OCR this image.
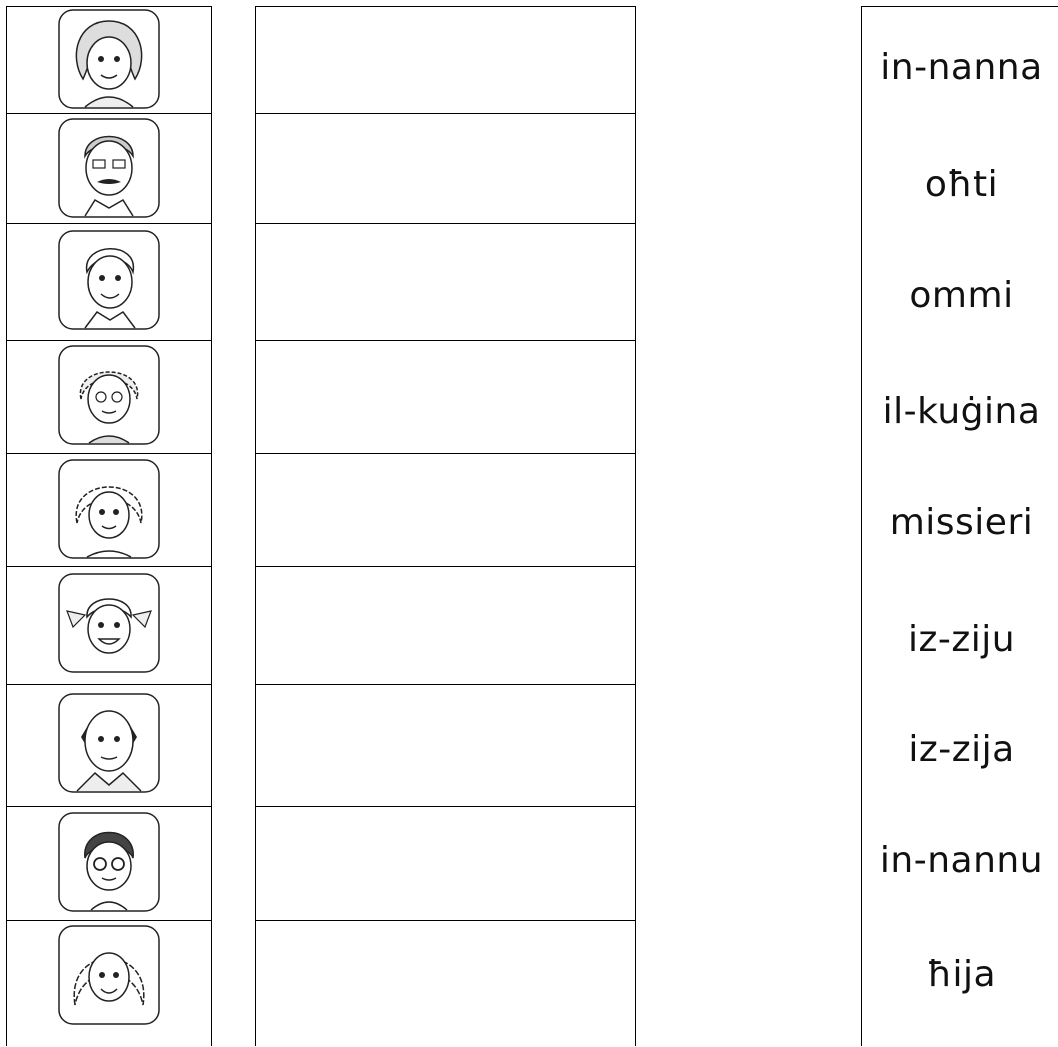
in-nanna
oħti
ommi
il-kuġina
missieri
iz-ziju
iz-zija
in-nannu
ħija
